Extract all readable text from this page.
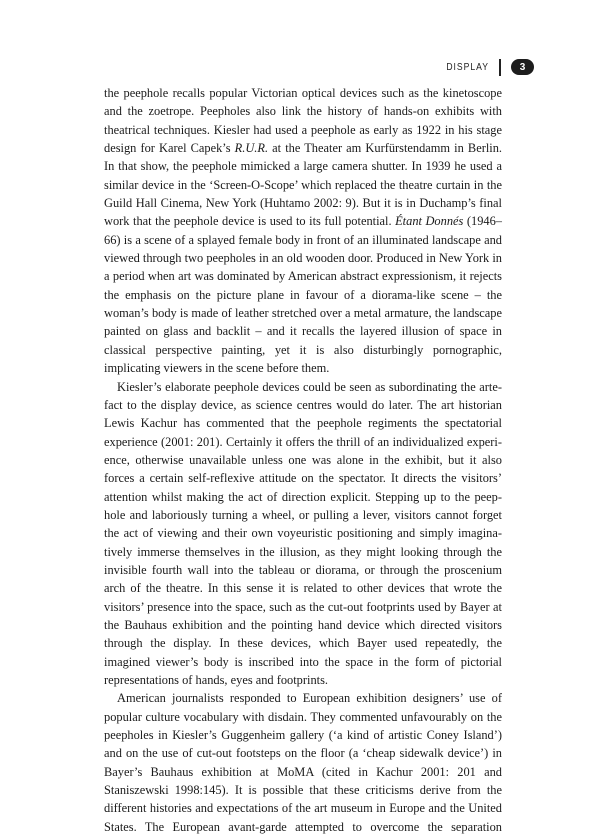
DISPLAY	3

the peephole recalls popular Victorian optical devices such as the kinetoscope and the zoetrope. Peepholes also link the history of hands-on exhibits with theatrical techniques. Kiesler had used a peephole as early as 1922 in his stage design for Karel Capek’s R.U.R. at the Theater am Kurfürstendamm in Berlin. In that show, the peephole mimicked a large camera shutter. In 1939 he used a similar device in the ‘Screen-O-Scope’ which replaced the theatre curtain in the Guild Hall Cinema, New York (Huhtamo 2002: 9). But it is in Duchamp’s final work that the peephole device is used to its full potential. Étant Donnés (1946–66) is a scene of a splayed female body in front of an illuminated landscape and viewed through two peepholes in an old wooden door. Produced in New York in a period when art was dominated by American abstract expressionism, it rejects the emphasis on the picture plane in favour of a diorama-like scene – the woman’s body is made of leather stretched over a metal armature, the landscape painted on glass and backlit – and it recalls the layered illusion of space in classical perspective painting, yet it is also disturbingly pornographic, implicating viewers in the scene before them.

Kiesler’s elaborate peephole devices could be seen as subordinating the artefact to the display device, as science centres would do later. The art historian Lewis Kachur has commented that the peephole regiments the spectatorial experience (2001: 201). Certainly it offers the thrill of an individualized experience, otherwise unavailable unless one was alone in the exhibit, but it also forces a certain self-reflexive attitude on the spectator. It directs the visitors’ attention whilst making the act of direction explicit. Stepping up to the peephole and laboriously turning a wheel, or pulling a lever, visitors cannot forget the act of viewing and their own voyeuristic positioning and simply imaginatively immerse themselves in the illusion, as they might looking through the invisible fourth wall into the tableau or diorama, or through the proscenium arch of the theatre. In this sense it is related to other devices that wrote the visitors’ presence into the space, such as the cut-out footprints used by Bayer at the Bauhaus exhibition and the pointing hand device which directed visitors through the display. In these devices, which Bayer used repeatedly, the imagined viewer’s body is inscribed into the space in the form of pictorial representations of hands, eyes and footprints.

American journalists responded to European exhibition designers’ use of popular culture vocabulary with disdain. They commented unfavourably on the peepholes in Kiesler’s Guggenheim gallery (‘a kind of artistic Coney Island’) and on the use of cut-out footsteps on the floor (a ‘cheap sidewalk device’) in Bayer’s Bauhaus exhibition at MoMA (cited in Kachur 2001: 201 and Staniszewski 1998:145). It is possible that these criticisms derive from the different histories and expectations of the art museum in Europe and the United States. The European avant-garde attempted to overcome the separation
